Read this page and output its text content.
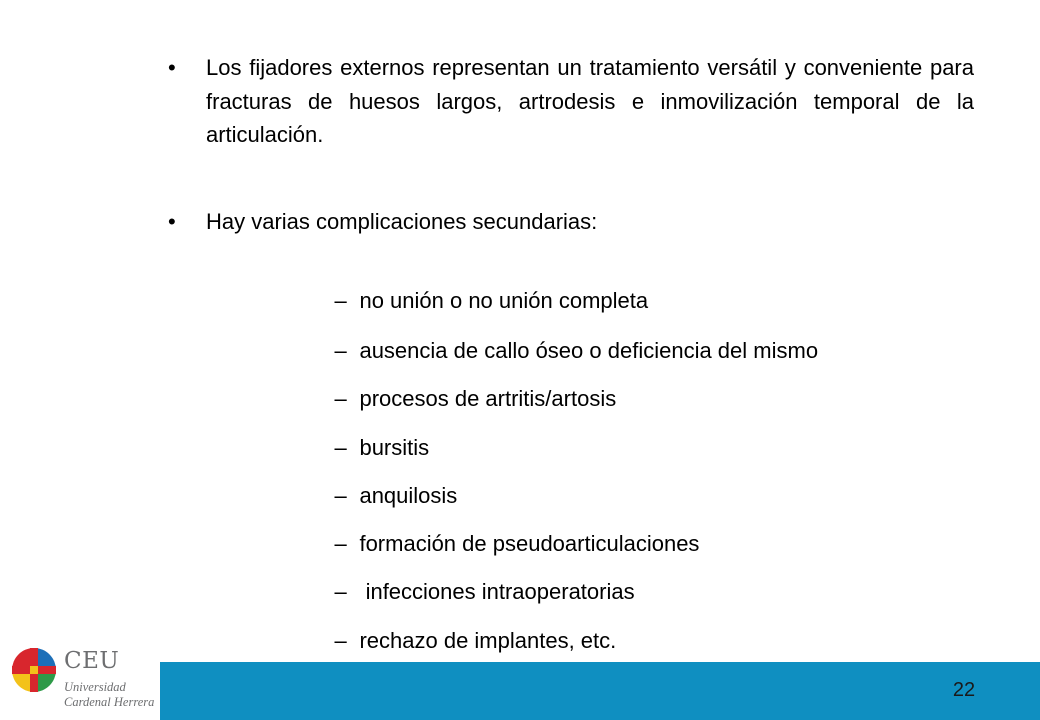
• Los fijadores externos representan un tratamiento versátil y conveniente para fracturas de huesos largos, artrodesis e inmovilización temporal de la articulación.
• Hay varias complicaciones secundarias:

– no unión o no unión completa

– ausencia de callo óseo o deficiencia del mismo

– procesos de artritis/artosis

– bursitis

– anquilosis

– formación de pseudoarticulaciones

– infecciones intraoperatorias

– rechazo de implantes, etc.

CEU
Universidad
Cardenal Herrera
22
